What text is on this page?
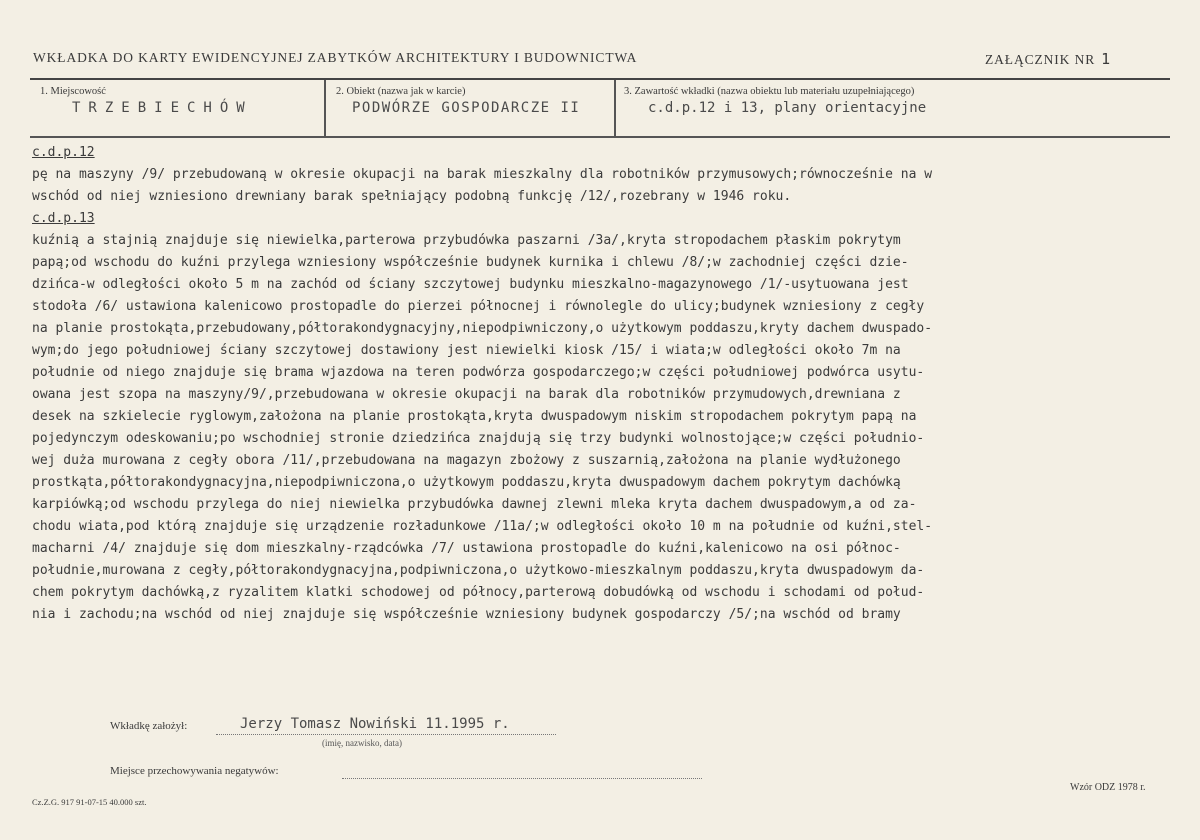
WKŁADKA DO KARTY EWIDENCYJNEJ ZABYTKÓW ARCHITEKTURY I BUDOWNICTWA	ZAŁĄCZNIK NR 1
1. Miejscowość
TRZEBIECHÓW
2. Obiekt (nazwa jak w karcie)
PODWÓRZE GOSPODARCZE II
3. Zawartość wkładki (nazwa obiektu lub materiału uzupełniającego)
c.d.p.12 i 13, plany orientacyjne
c.d.p.12
pę na maszyny /9/ przebudowaną w okresie okupacji na barak mieszkalny dla robotników przymusowych;równocześnie na w
wschód od niej wzniesiono drewniany barak spełniający podobną funkcję /12/,rozebrany w 1946 roku.
c.d.p.13
kuźnią a stajnią znajduje się niewielka,parterowa przybudówka paszarni /3a/,kryta stropodachem płaskim pokrytym
papą;od wschodu do kuźni przylega wzniesiony współcześnie budynek kurnika i chlewu /8/;w zachodniej części dzie-
dzińca-w odległości około 5 m na zachód od ściany szczytowej budynku mieszkalno-magazynowego /1/-usytuowana jest
stodoła /6/ ustawiona kalenicowo prostopadle do pierzei północnej i równolegle do ulicy;budynek wzniesiony z cegły
na planie prostokąta,przebudowany,półtorakondygnacyjny,niepodpiwniczony,o użytkowym poddaszu,kryty dachem dwuspado-
wym;do jego południowej ściany szczytowej dostawiony jest niewielki kiosk /15/ i wiata;w odległości około 7m na
południe od niego znajduje się brama wjazdowa na teren podwórza gospodarczego;w części południowej podwórca usytu-
owana jest szopa na maszyny/9/,przebudowana w okresie okupacji na barak dla robotników przymudowych,drewniana z
desek na szkielecie ryglowym,założona na planie prostokąta,kryta dwuspadowym niskim stropodachem pokrytym papą na
pojedynczym odeskowaniu;po wschodniej stronie dziedzińca znajdują się trzy budynki wolnostojące;w części południo-
wej duża murowana z cegły obora /11/,przebudowana na magazyn zbożowy z suszarnią,założona na planie wydłużonego
prostkąta,półtorakondygnacyjna,niepodpiwniczona,o użytkowym poddaszu,kryta dwuspadowym dachem pokrytym dachówką
karpiówką;od wschodu przylega do niej niewielka przybudówka dawnej zlewni mleka kryta dachem dwuspadowym,a od za-
chodu wiata,pod którą znajduje się urządzenie rozładunkowe /11a/;w odległości około 10 m na południe od kuźni,stel-
macharni /4/ znajduje się dom mieszkalny-rządcówka /7/ ustawiona prostopadle do kuźni,kalenicowo na osi północ-
południe,murowana z cegły,półtorakondygnacyjna,podpiwniczona,o użytkowo-mieszkalnym poddaszu,kryta dwuspadowym da-
chem pokrytym dachówką,z ryzalitem klatki schodowej od północy,parterową dobudówką od wschodu i schodami od połud-
nia i zachodu;na wschód od niej znajduje się współcześnie wzniesiony budynek gospodarczy /5/;na wschód od bramy
Wkładkę założył:	Jerzy Tomasz Nowiński 11.1995 r.
(imię, nazwisko, data)
Miejsce przechowywania negatywów:
Wzór ODZ 1978 r.
Cz.Z.G. 917 91-07-15 40.000 szt.
